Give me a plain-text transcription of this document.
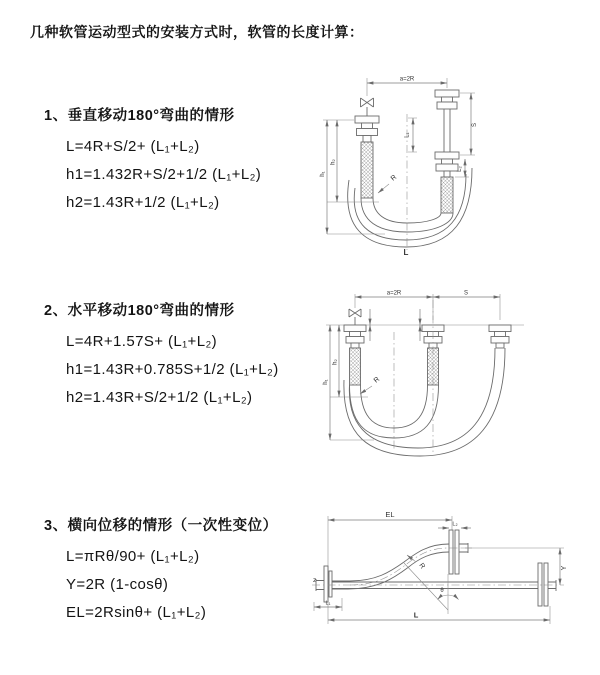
几种软管运动型式的安装方式时，软管的长度计算：
1、垂直移动180°弯曲的情形
L=4R+S/2+ (L₁+L₂)
h1=1.432R+S/2+1/2 (L₁+L₂)
h2=1.43R+1/2 (L₁+L₂)
2、水平移动180°弯曲的情形
L=4R+1.57S+ (L₁+L₂)
h1=1.43R+0.785S+1/2 (L₁+L₂)
h2=1.43R+S/2+1/2 (L₁+L₂)
3、横向位移的情形（一次性变位）
L=πRθ/90+ (L₁+L₂)
Y=2R (1-cosθ)
EL=2Rsinθ+ (L₁+L₂)
a=2R
h₁
h₂
S
L₂
L₁
R
L
a=2R	S
h₁
h₂
R
EL
L₂
z
Y
L
L₁
θ
R
